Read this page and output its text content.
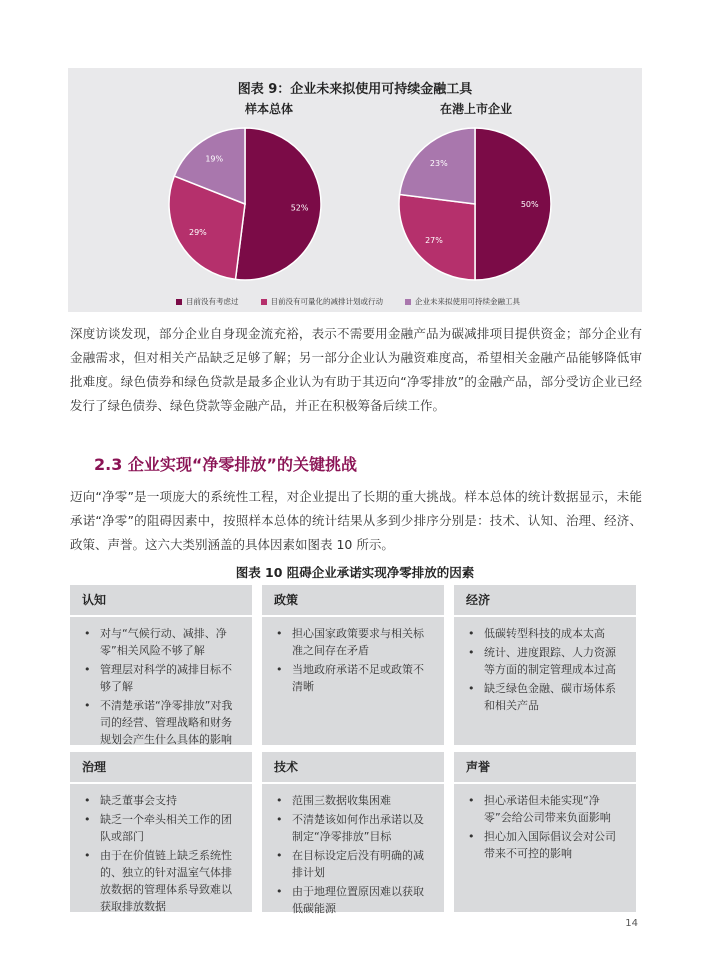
图表 9：企业未来拟使用可持续金融工具
样本总体	在港上市企业
52%
29%
19%
50%
27%
23%
目前没有考虑过	目前没有可量化的减排计划或行动	企业未来拟使用可持续金融工具

深度访谈发现，部分企业自身现金流充裕，表示不需要用金融产品为碳减排项目提供资金；部分企业有金融需求，但对相关产品缺乏足够了解；另一部分企业认为融资难度高，希望相关金融产品能够降低审批难度。绿色债券和绿色贷款是最多企业认为有助于其迈向“净零排放”的金融产品，部分受访企业已经发行了绿色债券、绿色贷款等金融产品，并正在积极筹备后续工作。

2.3 企业实现“净零排放”的关键挑战

迈向“净零”是一项庞大的系统性工程，对企业提出了长期的重大挑战。样本总体的统计数据显示，未能承诺“净零”的阻碍因素中，按照样本总体的统计结果从多到少排序分别是：技术、认知、治理、经济、政策、声誉。这六大类别涵盖的具体因素如图表 10 所示。

图表 10 阻碍企业承诺实现净零排放的因素
认知
• 对与“气候行动、减排、净零”相关风险不够了解
• 管理层对科学的减排目标不够了解
• 不清楚承诺“净零排放”对我司的经营、管理战略和财务规划会产生什么具体的影响
政策
• 担心国家政策要求与相关标准之间存在矛盾
• 当地政府承诺不足或政策不清晰
经济
• 低碳转型科技的成本太高
• 统计、进度跟踪、人力资源等方面的制定管理成本过高
• 缺乏绿色金融、碳市场体系和相关产品
治理
• 缺乏董事会支持
• 缺乏一个牵头相关工作的团队或部门
• 由于在价值链上缺乏系统性的、独立的针对温室气体排放数据的管理体系导致难以获取排放数据
技术
• 范围三数据收集困难
• 不清楚该如何作出承诺以及制定“净零排放”目标
• 在目标设定后没有明确的减排计划
• 由于地理位置原因难以获取低碳能源
声誉
• 担心承诺但未能实现“净零”会给公司带来负面影响
• 担心加入国际倡议会对公司带来不可控的影响
14
